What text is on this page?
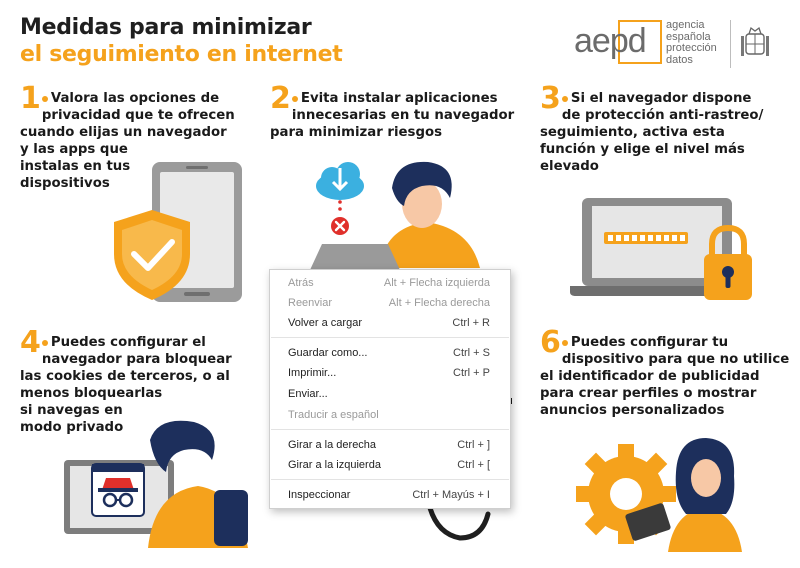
Medidas para minimizar
el seguimiento en internet	aepd agencia
española
protección
datos
1 Valora las opciones de
privacidad que te ofrecen
cuando elijas un navegador
y las apps que
instalas en tus
dispositivos
2 Evita instalar aplicaciones
innecesarias en tu navegador
para minimizar riesgos
3 Si el navegador dispone
de protección anti-rastreo/
seguimiento, activa esta
función y elige el nivel más
elevado
4 Puedes configurar el
navegador para bloquear
las cookies de terceros, o al
menos bloquearlas
si navegas en
modo privado
6 Puedes configurar tu
dispositivo para que no utilice
el identificador de publicidad
para crear perfiles o mostrar
anuncios personalizados
Atrás	Alt + Flecha izquierda
Reenviar	Alt + Flecha derecha
Volver a cargar	Ctrl + R
Guardar como...	Ctrl + S
Imprimir...	Ctrl + P
Enviar...
Traducir a español
Girar a la derecha	Ctrl + ]
Girar a la izquierda	Ctrl + [
Inspeccionar	Ctrl + Mayús + I
